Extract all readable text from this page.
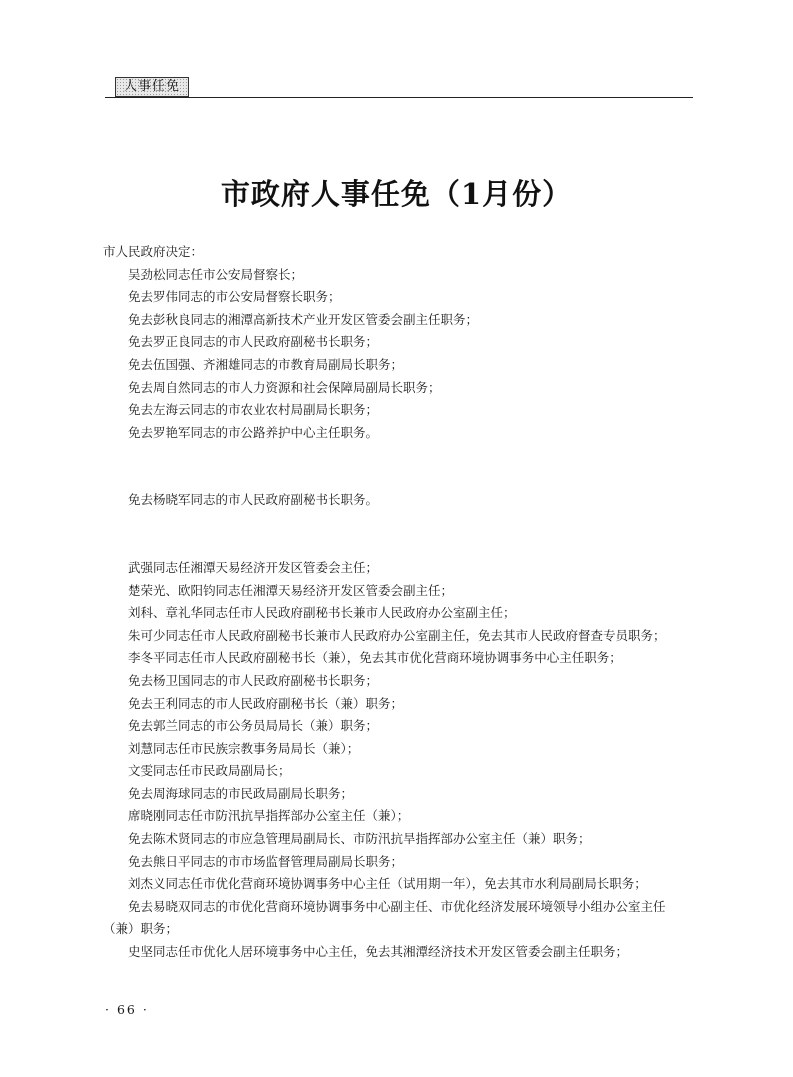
人事任免
市政府人事任免（1月份）

市人民政府决定：

吴劲松同志任市公安局督察长；

免去罗伟同志的市公安局督察长职务；

免去彭秋良同志的湘潭高新技术产业开发区管委会副主任职务；

免去罗正良同志的市人民政府副秘书长职务；

免去伍国强、齐湘雄同志的市教育局副局长职务；

免去周自然同志的市人力资源和社会保障局副局长职务；

免去左海云同志的市农业农村局副局长职务；

免去罗艳军同志的市公路养护中心主任职务。

免去杨晓军同志的市人民政府副秘书长职务。

武强同志任湘潭天易经济开发区管委会主任；

楚荣光、欧阳钧同志任湘潭天易经济开发区管委会副主任；

刘科、章礼华同志任市人民政府副秘书长兼市人民政府办公室副主任；

朱可少同志任市人民政府副秘书长兼市人民政府办公室副主任，免去其市人民政府督查专员职务；

李冬平同志任市人民政府副秘书长（兼），免去其市优化营商环境协调事务中心主任职务；

免去杨卫国同志的市人民政府副秘书长职务；

免去王利同志的市人民政府副秘书长（兼）职务；

免去郭兰同志的市公务员局局长（兼）职务；

刘慧同志任市民族宗教事务局局长（兼）；

文雯同志任市民政局副局长；

免去周海球同志的市民政局副局长职务；

席晓刚同志任市防汛抗旱指挥部办公室主任（兼）；

免去陈术贤同志的市应急管理局副局长、市防汛抗旱指挥部办公室主任（兼）职务；

免去熊日平同志的市市场监督管理局副局长职务；

刘杰义同志任市优化营商环境协调事务中心主任（试用期一年），免去其市水利局副局长职务；

免去易晓双同志的市优化营商环境协调事务中心副主任、市优化经济发展环境领导小组办公室主任（兼）职务；

史坚同志任市优化人居环境事务中心主任，免去其湘潭经济技术开发区管委会副主任职务；

· 66 ·
